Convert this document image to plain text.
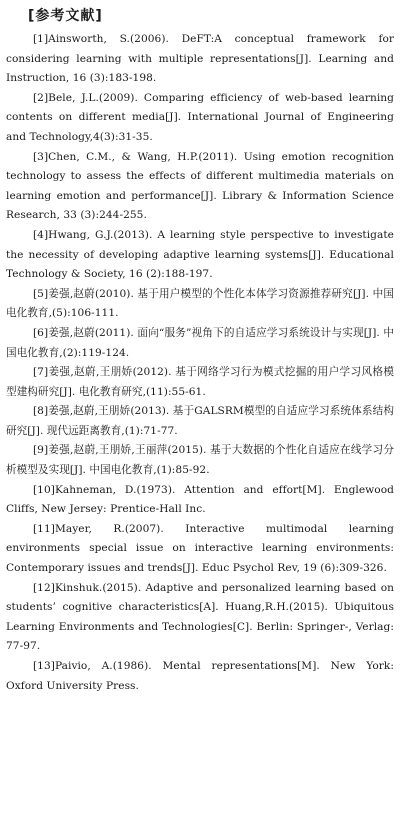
[参考文献]

[1]Ainsworth, S.(2006). DeFT:A conceptual framework for considering learning with multiple representations[J]. Learning and Instruction, 16 (3):183-198.

[2]Bele, J.L.(2009). Comparing efficiency of web-based learning contents on different media[J]. International Journal of Engineering and Technology,4(3):31-35.

[3]Chen, C.M., & Wang, H.P.(2011). Using emotion recognition technology to assess the effects of different multimedia materials on learning emotion and performance[J]. Library & Information Science Research, 33 (3):244-255.

[4]Hwang, G.J.(2013). A learning style perspective to investigate the necessity of developing adaptive learning systems[J]. Educational Technology & Society, 16 (2):188-197.

[5]姜强,赵蔚(2010). 基于用户模型的个性化本体学习资源推荐研究[J]. 中国电化教育,(5):106-111.

[6]姜强,赵蔚(2011). 面向“服务”视角下的自适应学习系统设计与实现[J]. 中国电化教育,(2):119-124.

[7]姜强,赵蔚,王朋娇(2012). 基于网络学习行为模式挖掘的用户学习风格模型建构研究[J]. 电化教育研究,(11):55-61.

[8]姜强,赵蔚,王朋娇(2013). 基于GALSRM模型的自适应学习系统体系结构研究[J]. 现代远距离教育,(1):71-77.

[9]姜强,赵蔚,王朋娇,王丽萍(2015). 基于大数据的个性化自适应在线学习分析模型及实现[J]. 中国电化教育,(1):85-92.

[10]Kahneman, D.(1973). Attention and effort[M]. Englewood Cliffs, New Jersey: Prentice-Hall Inc.

[11]Mayer, R.(2007). Interactive multimodal learning environments special issue on interactive learning environments: Contemporary issues and trends[J]. Educ Psychol Rev, 19 (6):309-326.

[12]Kinshuk.(2015). Adaptive and personalized learning based on students’ cognitive characteristics[A]. Huang,R.H.(2015). Ubiquitous Learning Environments and Technologies[C]. Berlin: Springer-, Verlag: 77-97.

[13]Paivio, A.(1986). Mental representations[M]. New York: Oxford University Press.
